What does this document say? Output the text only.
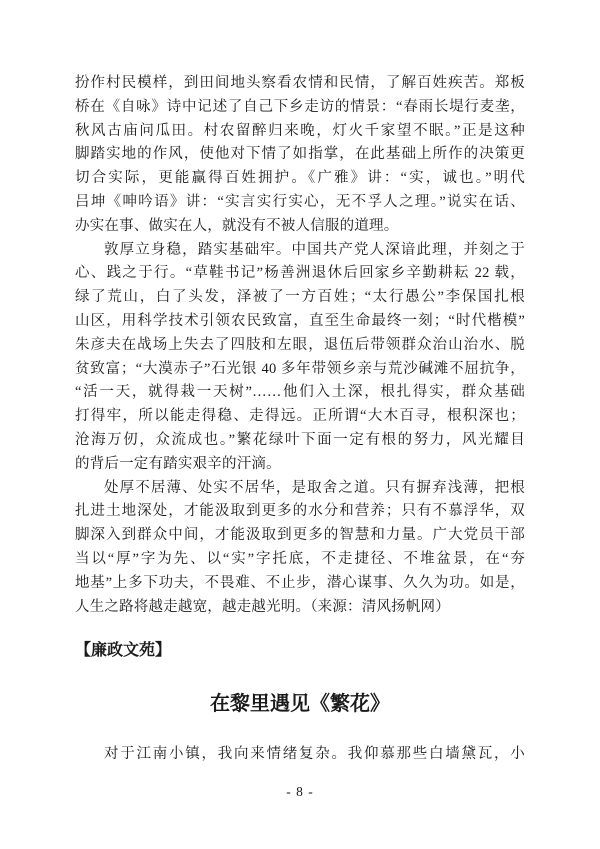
扮作村民模样，到田间地头察看农情和民情，了解百姓疾苦。郑板
桥在《自咏》诗中记述了自己下乡走访的情景：“春雨长堤行麦垄，
秋风古庙问瓜田。村农留醉归来晚，灯火千家望不眠。”正是这种
脚踏实地的作风，使他对下情了如指掌，在此基础上所作的决策更
切合实际，更能赢得百姓拥护。《广雅》讲：“实，诚也。”明代
吕坤《呻吟语》讲：“实言实行实心，无不孚人之理。”说实在话、
办实在事、做实在人，就没有不被人信服的道理。
敦厚立身稳，踏实基础牢。中国共产党人深谙此理，并刻之于
心、践之于行。“草鞋书记”杨善洲退休后回家乡辛勤耕耘 22 载，
绿了荒山，白了头发，泽被了一方百姓；“太行愚公”李保国扎根
山区，用科学技术引领农民致富，直至生命最终一刻；“时代楷模”
朱彦夫在战场上失去了四肢和左眼，退伍后带领群众治山治水、脱
贫致富；“大漠赤子”石光银 40 多年带领乡亲与荒沙碱滩不屈抗争，
“活一天，就得栽一天树”……他们入土深，根扎得实，群众基础
打得牢，所以能走得稳、走得远。正所谓“大木百寻，根积深也；
沧海万仞，众流成也。”繁花绿叶下面一定有根的努力，风光耀目
的背后一定有踏实艰辛的汗滴。
处厚不居薄、处实不居华，是取舍之道。只有摒弃浅薄，把根
扎进土地深处，才能汲取到更多的水分和营养；只有不慕浮华，双
脚深入到群众中间，才能汲取到更多的智慧和力量。广大党员干部
当以“厚”字为先、以“实”字托底，不走捷径、不堆盆景，在“夯
地基”上多下功夫，不畏难、不止步，潜心谋事、久久为功。如是，
人生之路将越走越宽，越走越光明。（来源：清风扬帆网）
【廉政文苑】
在黎里遇见《繁花》
对于江南小镇，我向来情绪复杂。我仰慕那些白墙黛瓦，小
- 8 -
